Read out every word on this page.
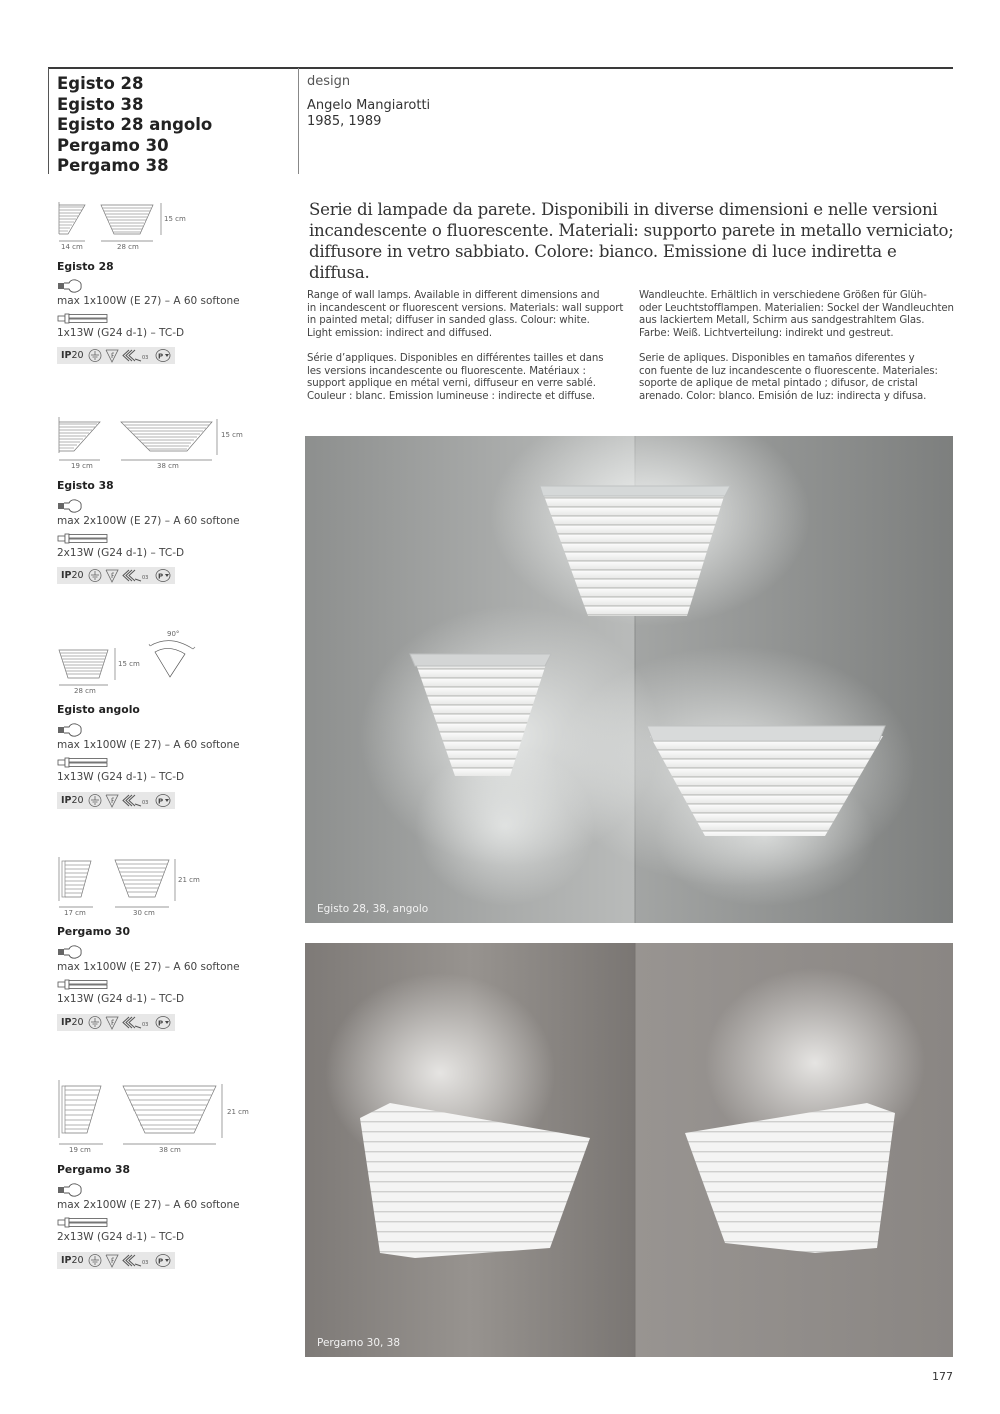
Egisto 28
Egisto 38
Egisto 28 angolo
Pergamo 30
Pergamo 38
design
Angelo Mangiarotti
1985, 1989
Serie di lampade da parete. Disponibili in diverse dimensioni e nelle versioni incandescente o fluorescente. Materiali: supporto parete in metallo verniciato; diffusore in vetro sabbiato. Colore: bianco. Emissione di luce indiretta e diffusa.

Range of wall lamps. Available in different dimensions and
in incandescent or fluorescent versions. Materials: wall support
in painted metal; diffuser in sanded glass. Colour: white.
Light emission: indirect and diffused.

Série d’appliques. Disponibles en différentes tailles et dans
les versions incandescente ou fluorescente. Matériaux :
support applique en métal verni, diffuseur en verre sablé.
Couleur : blanc. Emission lumineuse : indirecte et diffuse.

Wandleuchte. Erhältlich in verschiedene Größen für Glüh-
oder Leuchtstofflampen. Materialien: Sockel der Wandleuchten
aus lackiertem Metall, Schirm aus sandgestrahltem Glas.
Farbe: Weiß. Lichtverteilung: indirekt und gestreut.

Serie de apliques. Disponibles en tamaños diferentes y
con fuente de luz incandescente o fluorescente. Materiales:
soporte de aplique de metal pintado ; difusor, de cristal
arenado. Color: blanco. Emisión de luz: indirecta y difusa.

Egisto 28, 38, angolo
Pergamo 30, 38
177
14 cm	28 cm
15 cm
Egisto 28
max 1x100W (E 27) – A 60 softone
1x13W (G24 d-1) – TC-D
IP20	03 P
19 cm	38 cm
15 cm
Egisto 38
max 2x100W (E 27) – A 60 softone
2x13W (G24 d-1) – TC-D
IP20	03 P
28 cm
15 cm
90°
Egisto angolo
max 1x100W (E 27) – A 60 softone
1x13W (G24 d-1) – TC-D
IP20	03 P
17 cm	30 cm
21 cm
Pergamo 30
max 1x100W (E 27) – A 60 softone
1x13W (G24 d-1) – TC-D
IP20	03 P
19 cm	38 cm
21 cm
Pergamo 38
max 2x100W (E 27) – A 60 softone
2x13W (G24 d-1) – TC-D
IP20	03 P
